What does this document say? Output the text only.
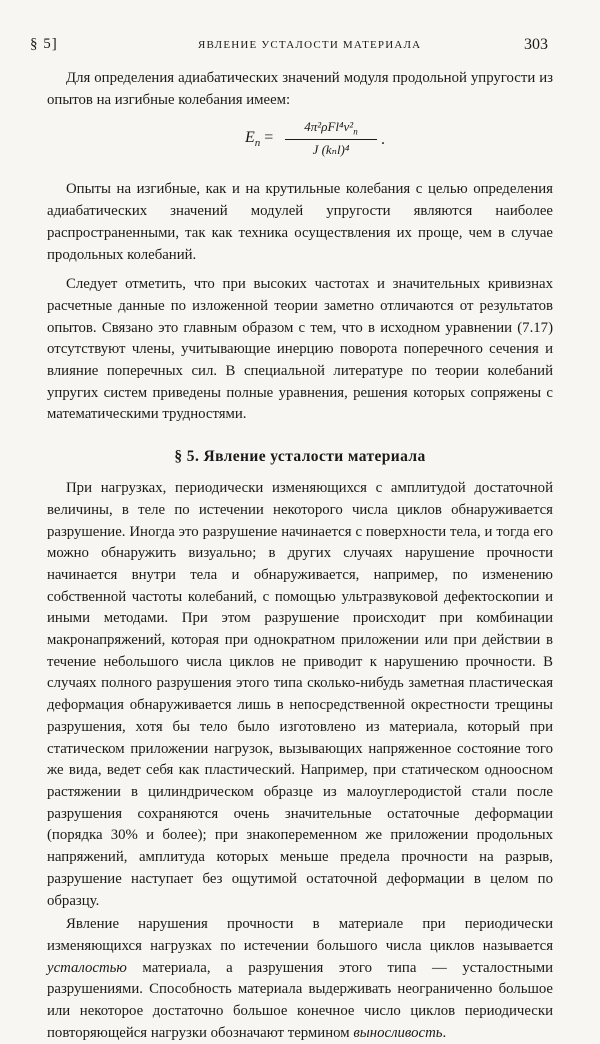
§ 5]	ЯВЛЕНИЕ УСТАЛОСТИ МАТЕРИАЛА	303

Для определения адиабатических значений модуля продольной упругости из опытов на изгибные колебания имеем:

$E_n$ =
$4\pi^2\rho Fl^4\nu^2_n$
J (kₙl)⁴
.

Опыты на изгибные, как и на крутильные колебания с целью определения адиабатических значений модулей упругости являются наиболее распространенными, так как техника осуществления их проще, чем в случае продольных колебаний.

Следует отметить, что при высоких частотах и значительных кривизнах расчетные данные по изложенной теории заметно отличаются от результатов опытов. Связано это главным образом с тем, что в исходном уравнении (7.17) отсутствуют члены, учитывающие инерцию поворота поперечного сечения и влияние поперечных сил. В специальной литературе по теории колебаний упругих систем приведены полные уравнения, решения которых сопряжены с математическими трудностями.

§ 5. Явление усталости материала

При нагрузках, периодически изменяющихся с амплитудой достаточной величины, в теле по истечении некоторого числа циклов обнаруживается разрушение. Иногда это разрушение начинается с поверхности тела, и тогда его можно обнаружить визуально; в других случаях нарушение прочности начинается внутри тела и обнаруживается, например, по изменению собственной частоты колебаний, с помощью ультразвуковой дефектоскопии и иными методами. При этом разрушение происходит при комбинации макронапряжений, которая при однократном приложении или при действии в течение небольшого числа циклов не приводит к нарушению прочности. В случаях полного разрушения этого типа сколько-нибудь заметная пластическая деформация обнаруживается лишь в непосредственной окрестности трещины разрушения, хотя бы тело было изготовлено из материала, который при статическом приложении нагрузок, вызывающих напряженное состояние того же вида, ведет себя как пластический. Например, при статическом одноосном растяжении в цилиндрическом образце из малоуглеродистой стали после разрушения сохраняются очень значительные остаточные деформации (порядка 30% и более); при знакопеременном же приложении продольных напряжений, амплитуда которых меньше предела прочности на разрыв, разрушение наступает без ощутимой остаточной деформации в целом по образцу.

Явление нарушения прочности в материале при периодически изменяющихся нагрузках по истечении большого числа циклов называется усталостью материала, а разрушения этого типа — усталостными разрушениями. Способность материала выдерживать неограниченно большое или некоторое достаточно большое конечное число циклов периодически повторяющейся нагрузки обозначают термином выносливость.
